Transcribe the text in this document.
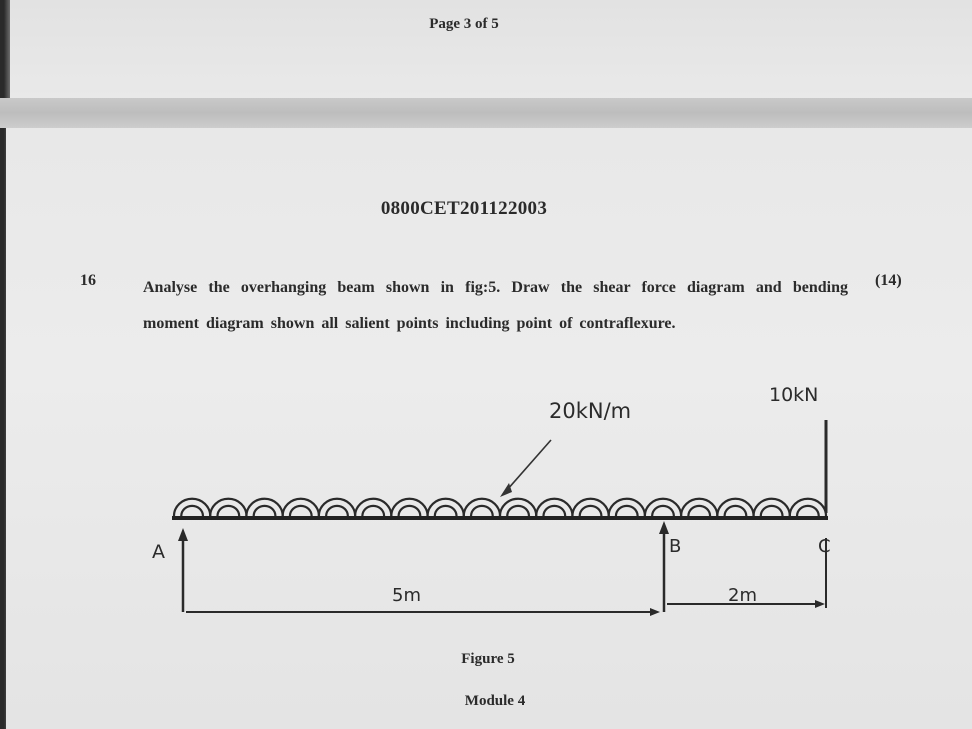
Page 3 of 5
0800CET201122003
16	Analyse the overhanging beam shown in fig:5. Draw the shear force diagram and bending moment diagram shown all salient points including point of contraflexure.
(14)
20kN/m
10kN
A	B	C
5m	2m
Figure 5
Module 4
